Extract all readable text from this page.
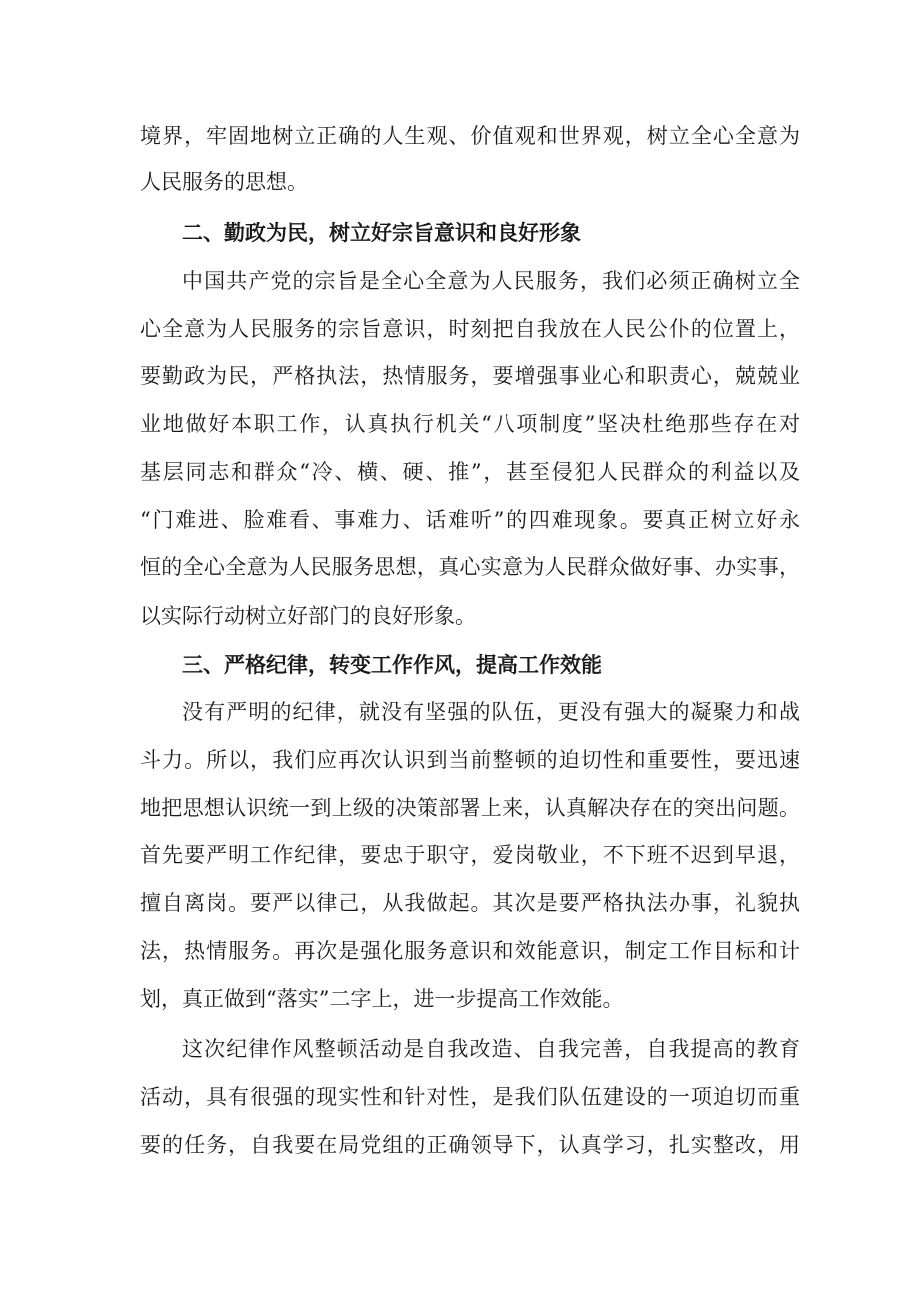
境界，牢固地树立正确的人生观、价值观和世界观，树立全心全意为
人民服务的思想。
二、勤政为民，树立好宗旨意识和良好形象
中国共产党的宗旨是全心全意为人民服务，我们必须正确树立全
心全意为人民服务的宗旨意识，时刻把自我放在人民公仆的位置上，
要勤政为民，严格执法，热情服务，要增强事业心和职责心，兢兢业
业地做好本职工作，认真执行机关“八项制度”坚决杜绝那些存在对
基层同志和群众“冷、横、硬、推”，甚至侵犯人民群众的利益以及
“门难进、脸难看、事难力、话难听”的四难现象。要真正树立好永
恒的全心全意为人民服务思想，真心实意为人民群众做好事、办实事，
以实际行动树立好部门的良好形象。
三、严格纪律，转变工作作风，提高工作效能
没有严明的纪律，就没有坚强的队伍，更没有强大的凝聚力和战
斗力。所以，我们应再次认识到当前整顿的迫切性和重要性，要迅速
地把思想认识统一到上级的决策部署上来，认真解决存在的突出问题。
首先要严明工作纪律，要忠于职守，爱岗敬业，不下班不迟到早退，
擅自离岗。要严以律己，从我做起。其次是要严格执法办事，礼貌执
法，热情服务。再次是强化服务意识和效能意识，制定工作目标和计
划，真正做到“落实”二字上，进一步提高工作效能。
这次纪律作风整顿活动是自我改造、自我完善，自我提高的教育
活动，具有很强的现实性和针对性，是我们队伍建设的一项迫切而重
要的任务，自我要在局党组的正确领导下，认真学习，扎实整改，用
